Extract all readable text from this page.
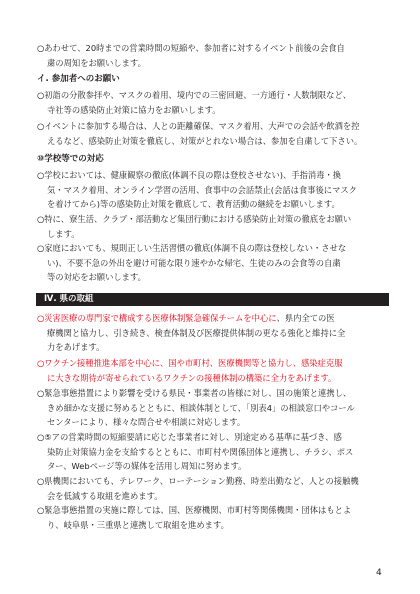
○あわせて、20時までの営業時間の短縮や、参加者に対するイベント前後の会食自
粛の周知をお願いします。
イ. 参加者へのお願い
○初詣の分散参拝や、マスクの着用、境内での三密回避、一方通行・人数制限など、
寺社等の感染防止対策に協力をお願いします。
○イベントに参加する場合は、人との距離確保、マスク着用、大声での会話や飲酒を控
えるなど、感染防止対策を徹底し、対策がとれない場合は、参加を自粛して下さい。
⑩学校等での対応
○学校においては、健康観察の徹底(体調不良の際は登校させない)、手指消毒・換
気・マスク着用、オンライン学習の活用、食事中の会話禁止(会話は食事後にマスク
を着けてから)等の感染防止対策を徹底して、教育活動の継続をお願いします。
○特に、寮生活、クラブ・部活動など集団行動における感染防止対策の徹底をお願い
します。
○家庭においても、規則正しい生活習慣の徹底(体調不良の際は登校しない・させな
い)、不要不急の外出を避け可能な限り速やかな帰宅、生徒のみの会食等の自粛
等の対応をお願いします。
Ⅳ. 県の取組
○災害医療の専門家で構成する医療体制緊急確保チームを中心に、県内全ての医
療機関と協力し、引き続き、検査体制及び医療提供体制の更なる強化と維持に全
力をあげます。
○ワクチン接種推進本部を中心に、国や市町村、医療機関等と協力し、感染症克服
に大きな期待が寄せられているワクチンの接種体制の構築に全力をあげます。
○緊急事態措置により影響を受ける県民・事業者の皆様に対し、国の施策と連携し、
きめ細かな支援に努めるとともに、相談体制として、「別表4」の相談窓口やコール
センターにより、様々な問合せや相談に対応します。
○⑤アの営業時間の短縮要請に応じた事業者に対し、別途定める基準に基づき、感
染防止対策協力金を支給するとともに、市町村や関係団体と連携し、チラシ、ポス
ター、Webページ等の媒体を活用し周知に努めます。
○県機関においても、テレワーク、ローテーション勤務、時差出勤など、人との接触機
会を低減する取組を進めます。
○緊急事態措置の実施に際しては、国、医療機関、市町村等関係機関・団体はもとよ
り、岐阜県・三重県と連携して取組を進めます。
4
